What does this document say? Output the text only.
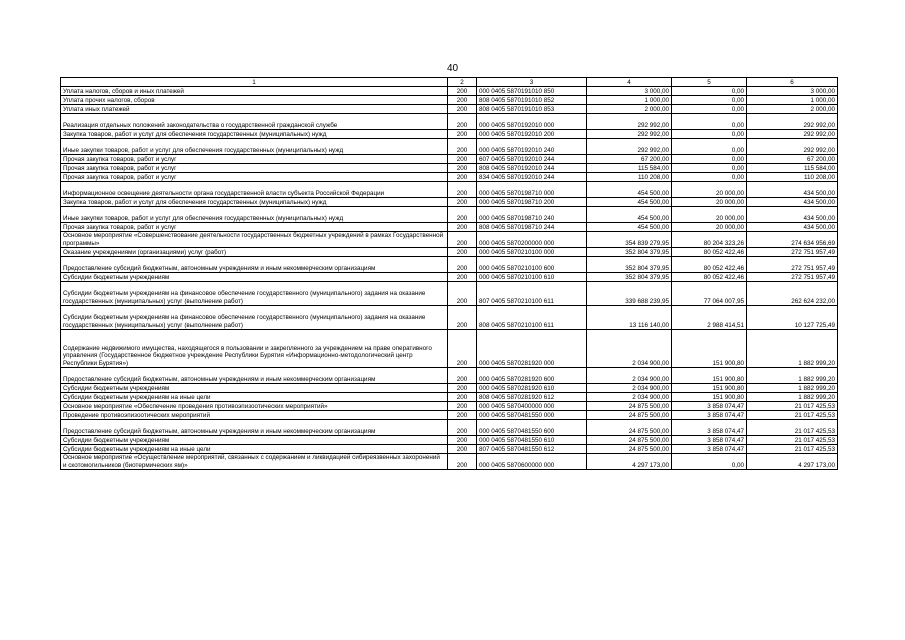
40
1	2	3	4	5	6
Уплата налогов, сборов и иных платежей	200	000 0405 5870191010 850	3 000,00	0,00	3 000,00
Уплата прочих налогов, сборов	200	808 0405 5870191010 852	1 000,00	0,00	1 000,00
Уплата иных платежей	200	808 0405 5870191010 853	2 000,00	0,00	2 000,00
Реализация отдельных положений законодательства о государственной гражданской службе	200	000 0405 5870192010 000	292 992,00	0,00	292 992,00
Закупка товаров, работ и услуг для обеспечения государственных (муниципальных) нужд	200	000 0405 5870192010 200	292 992,00	0,00	292 992,00
Иные закупки товаров, работ и услуг для обеспечения государственных (муниципальных) нужд	200	000 0405 5870192010 240	292 992,00	0,00	292 992,00
Прочая закупка товаров, работ и услуг	200	607 0405 5870192010 244	67 200,00	0,00	67 200,00
Прочая закупка товаров, работ и услуг	200	808 0405 5870192010 244	115 584,00	0,00	115 584,00
Прочая закупка товаров, работ и услуг	200	834 0405 5870192010 244	110 208,00	0,00	110 208,00
Информационное освещение деятельности органа государственной власти субъекта Российской Федерации	200	000 0405 5870198710 000	454 500,00	20 000,00	434 500,00
Закупка товаров, работ и услуг для обеспечения государственных (муниципальных) нужд	200	000 0405 5870198710 200	454 500,00	20 000,00	434 500,00
Иные закупки товаров, работ и услуг для обеспечения государственных (муниципальных) нужд	200	000 0405 5870198710 240	454 500,00	20 000,00	434 500,00
Прочая закупка товаров, работ и услуг	200	808 0405 5870198710 244	454 500,00	20 000,00	434 500,00
Основное мероприятие «Совершенствование деятельности государственных бюджетных учреждений в рамках Государственной программы»	200	000 0405 5870200000 000	354 839 279,95	80 204 323,26	274 634 956,69
Оказание учреждениями (организациями) услуг (работ)	200	000 0405 5870210100 000	352 804 379,95	80 052 422,46	272 751 957,49
Предоставление субсидий бюджетным, автономным учреждениям и иным некоммерческим организациям	200	000 0405 5870210100 600	352 804 379,95	80 052 422,46	272 751 957,49
Субсидии бюджетным учреждениям	200	000 0405 5870210100 610	352 804 379,95	80 052 422,46	272 751 957,49
Субсидии бюджетным учреждениям на финансовое обеспечение государственного (муниципального) задания на оказание государственных (муниципальных) услуг (выполнение работ)	200	807 0405 5870210100 611	339 688 239,95	77 064 007,95	262 624 232,00
Субсидии бюджетным учреждениям на финансовое обеспечение государственного (муниципального) задания на оказание государственных (муниципальных) услуг (выполнение работ)	200	808 0405 5870210100 611	13 116 140,00	2 988 414,51	10 127 725,49
Содержание недвижимого имущества, находящегося в пользовании и закрепленного за учреждением на праве оперативного управления (Государственное бюджетное учреждение Республики Бурятия «Информационно-методологический центр Республики Бурятия»)	200	000 0405 5870281920 000	2 034 900,00	151 900,80	1 882 999,20
Предоставление субсидий бюджетным, автономным учреждениям и иным некоммерческим организациям	200	000 0405 5870281920 600	2 034 900,00	151 900,80	1 882 999,20
Субсидии бюджетным учреждениям	200	000 0405 5870281920 610	2 034 900,00	151 900,80	1 882 999,20
Субсидии бюджетным учреждениям на иные цели	200	808 0405 5870281920 612	2 034 900,00	151 900,80	1 882 999,20
Основное мероприятие «Обеспечение проведения противоэпизоотических мероприятий»	200	000 0405 5870400000 000	24 875 500,00	3 858 074,47	21 017 425,53
Проведение противоэпизоотических мероприятий	200	000 0405 5870481550 000	24 875 500,00	3 858 074,47	21 017 425,53
Предоставление субсидий бюджетным, автономным учреждениям и иным некоммерческим организациям	200	000 0405 5870481550 600	24 875 500,00	3 858 074,47	21 017 425,53
Субсидии бюджетным учреждениям	200	000 0405 5870481550 610	24 875 500,00	3 858 074,47	21 017 425,53
Субсидии бюджетным учреждениям на иные цели	200	807 0405 5870481550 612	24 875 500,00	3 858 074,47	21 017 425,53
Основное мероприятие «Осуществление мероприятий, связанных с содержанием и ликвидацией сибиреязвенных захоронений и скотомогильников (биотермических ям)»	200	000 0405 5870600000 000	4 297 173,00	0,00	4 297 173,00
